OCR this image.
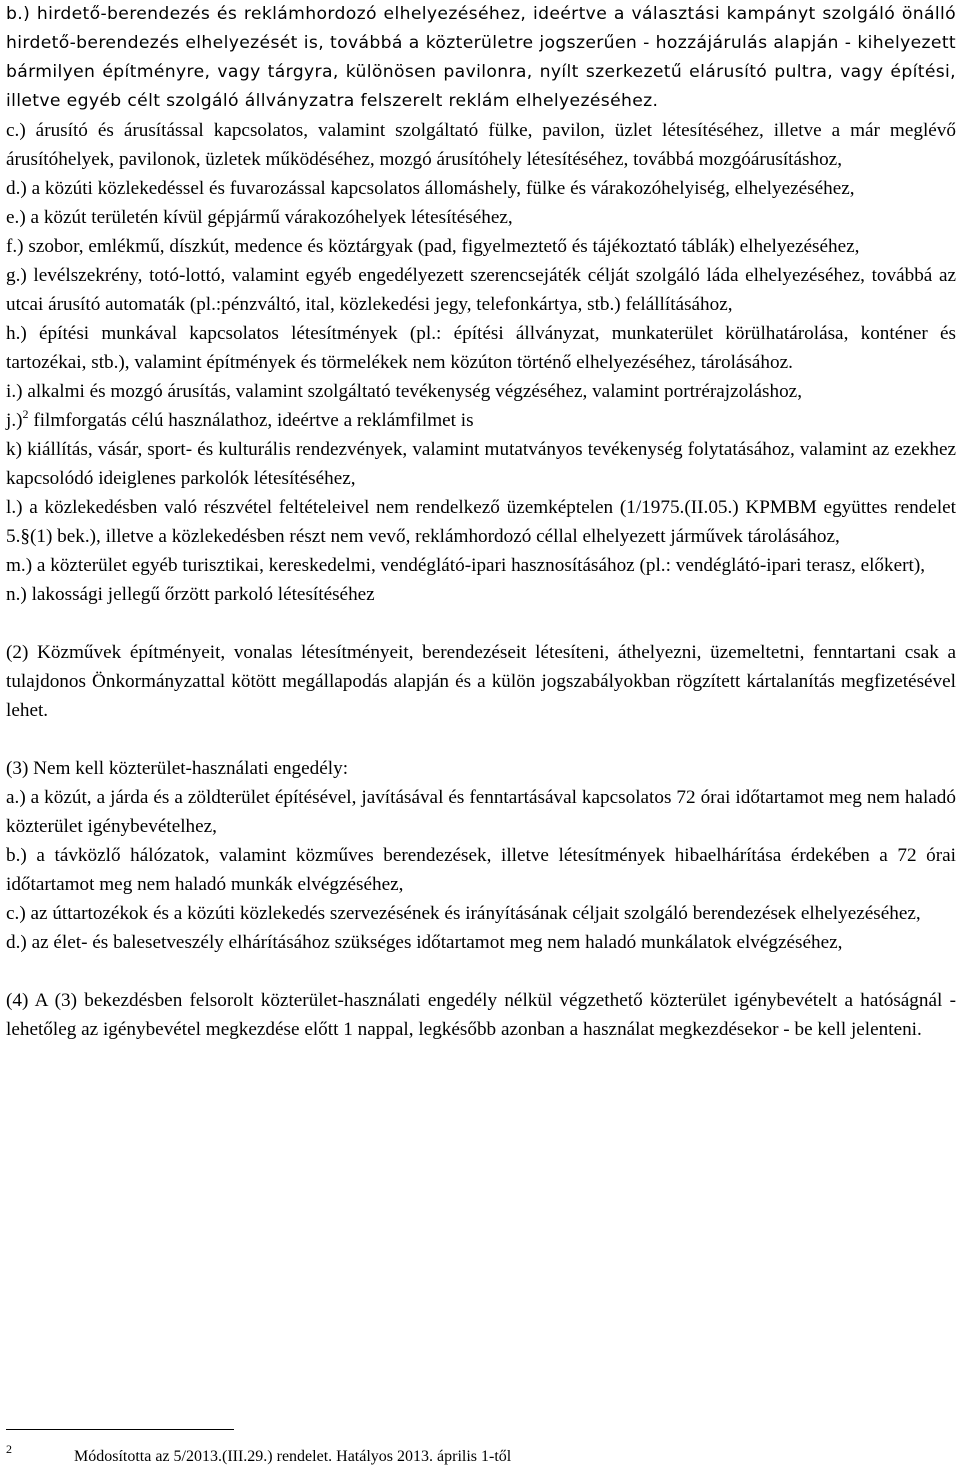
b.) hirdető-berendezés és reklámhordozó elhelyezéséhez, ideértve a választási kampányt szolgáló önálló hirdető-berendezés elhelyezését is, továbbá a közterületre jogszerűen - hozzájárulás alapján - kihelyezett bármilyen építményre, vagy tárgyra, különösen pavilonra, nyílt szerkezetű elárusító pultra, vagy építési, illetve egyéb célt szolgáló állványzatra felszerelt reklám elhelyezéséhez.

c.) árusító és árusítással kapcsolatos, valamint szolgáltató fülke, pavilon, üzlet létesítéséhez, illetve a már meglévő árusítóhelyek, pavilonok, üzletek működéséhez, mozgó árusítóhely létesítéséhez, továbbá mozgóárusításhoz,

d.) a közúti közlekedéssel és fuvarozással kapcsolatos állomáshely, fülke és várakozóhelyiség, elhelyezéséhez,

e.) a közút területén kívül gépjármű várakozóhelyek létesítéséhez,

f.) szobor, emlékmű, díszkút, medence és köztárgyak (pad, figyelmeztető és tájékoztató táblák) elhelyezéséhez,

g.) levélszekrény, totó-lottó, valamint egyéb engedélyezett szerencsejáték célját szolgáló láda elhelyezéséhez, továbbá az utcai árusító automaták (pl.:pénzváltó, ital, közlekedési jegy, telefonkártya, stb.) felállításához,

h.) építési munkával kapcsolatos létesítmények (pl.: építési állványzat, munkaterület körülhatárolása, konténer és tartozékai, stb.), valamint építmények és törmelékek nem közúton történő elhelyezéséhez, tárolásához.

i.) alkalmi és mozgó árusítás, valamint szolgáltató tevékenység végzéséhez, valamint portrérajzoláshoz,

j.)$^2$ filmforgatás célú használathoz, ideértve a reklámfilmet is

k) kiállítás, vásár, sport- és kulturális rendezvények, valamint mutatványos tevékenység folytatásához, valamint az ezekhez kapcsolódó ideiglenes parkolók létesítéséhez,

l.) a közlekedésben való részvétel feltételeivel nem rendelkező üzemképtelen (1/1975.(II.05.) KPMBM együttes rendelet 5.§(1) bek.), illetve a közlekedésben részt nem vevő, reklámhordozó céllal elhelyezett járművek tárolásához,

m.) a közterület egyéb turisztikai, kereskedelmi, vendéglátó-ipari hasznosításához (pl.: vendéglátó-ipari terasz, előkert),

n.) lakossági jellegű őrzött parkoló létesítéséhez

(2) Közművek építményeit, vonalas létesítményeit, berendezéseit létesíteni, áthelyezni, üzemeltetni, fenntartani csak a tulajdonos Önkormányzattal kötött megállapodás alapján és a külön jogszabályokban rögzített kártalanítás megfizetésével lehet.

(3) Nem kell közterület-használati engedély:

a.) a közút, a járda és a zöldterület építésével, javításával és fenntartásával kapcsolatos 72 órai időtartamot meg nem haladó közterület igénybevételhez,

b.) a távközlő hálózatok, valamint közműves berendezések, illetve létesítmények hibaelhárítása érdekében a 72 órai időtartamot meg nem haladó munkák elvégzéséhez,

c.) az úttartozékok és a közúti közlekedés szervezésének és irányításának céljait szolgáló berendezések elhelyezéséhez,

d.) az élet- és balesetveszély elhárításához szükséges időtartamot meg nem haladó munkálatok elvégzéséhez,

(4) A (3) bekezdésben felsorolt közterület-használati engedély nélkül végzethető közterület igénybevételt a hatóságnál - lehetőleg az igénybevétel megkezdése előtt 1 nappal, legkésőbb azonban a használat megkezdésekor - be kell jelenteni.

2	Módosította az 5/2013.(III.29.) rendelet. Hatályos 2013. április 1-től
